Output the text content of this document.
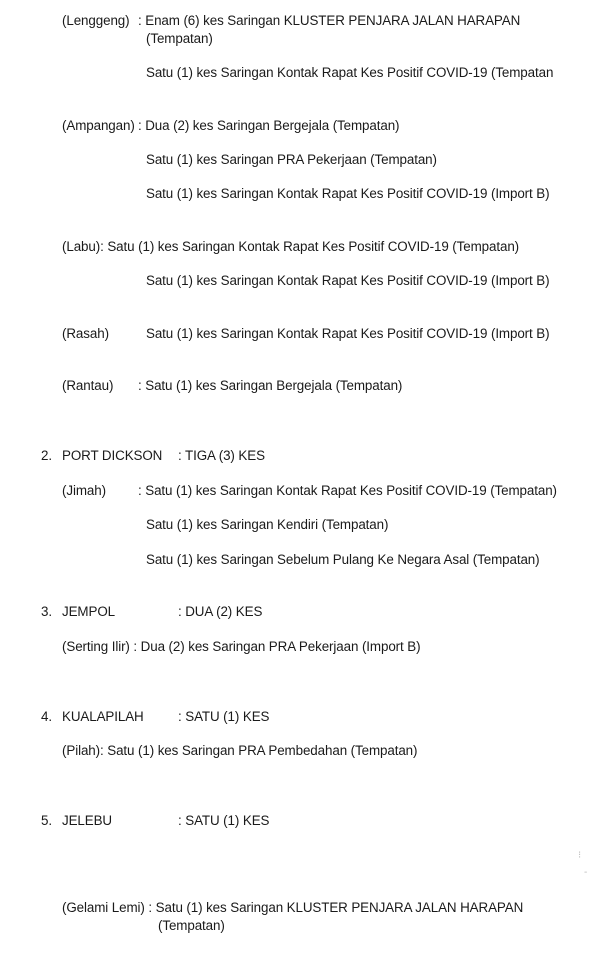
(Lenggeng) : Enam (6) kes Saringan KLUSTER PENJARA JALAN HARAPAN
(Tempatan)
Satu (1) kes Saringan Kontak Rapat Kes Positif COVID-19 (Tempatan
(Ampangan) : Dua (2) kes Saringan Bergejala (Tempatan)
Satu (1) kes Saringan PRA Pekerjaan (Tempatan)
Satu (1) kes Saringan Kontak Rapat Kes Positif COVID-19 (Import B)
(Labu): Satu (1) kes Saringan Kontak Rapat Kes Positif COVID-19 (Tempatan)
Satu (1) kes Saringan Kontak Rapat Kes Positif COVID-19 (Import B)
(Rasah)	Satu (1) kes Saringan Kontak Rapat Kes Positif COVID-19 (Import B)
(Rantau) : Satu (1) kes Saringan Bergejala (Tempatan)
2. PORT DICKSON : TIGA (3) KES
(Jimah) : Satu (1) kes Saringan Kontak Rapat Kes Positif COVID-19 (Tempatan)
Satu (1) kes Saringan Kendiri (Tempatan)
Satu (1) kes Saringan Sebelum Pulang Ke Negara Asal (Tempatan)
3. JEMPOL	: DUA (2) KES
(Serting Ilir) : Dua (2) kes Saringan PRA Pekerjaan (Import B)
4. KUALAPILAH	: SATU (1) KES
(Pilah): Satu (1) kes Saringan PRA Pembedahan (Tempatan)
5. JELEBU	: SATU (1) KES
⁝
-
(Gelami Lemi) : Satu (1) kes Saringan KLUSTER PENJARA JALAN HARAPAN
(Tempatan)
